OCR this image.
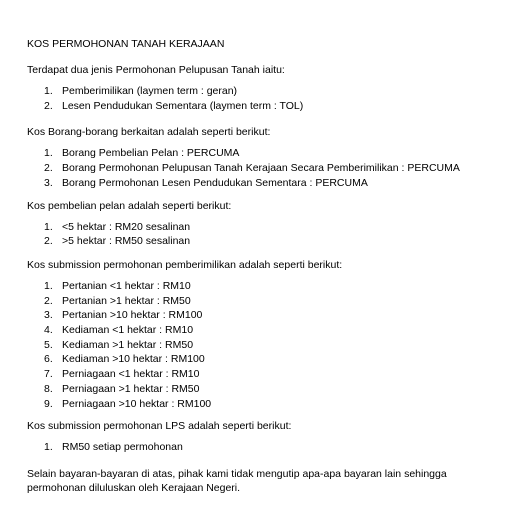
KOS PERMOHONAN TANAH KERAJAAN
Terdapat dua jenis Permohonan Pelupusan Tanah iaitu:
1. Pemberimilikan (laymen term : geran)
2. Lesen Pendudukan Sementara (laymen term : TOL)
Kos Borang-borang berkaitan adalah seperti berikut:
1. Borang Pembelian Pelan : PERCUMA
2. Borang Permohonan Pelupusan Tanah Kerajaan Secara Pemberimilikan : PERCUMA
3. Borang Permohonan Lesen Pendudukan Sementara : PERCUMA
Kos pembelian pelan adalah seperti berikut:
1. <5 hektar : RM20 sesalinan
2. >5 hektar : RM50 sesalinan
Kos submission permohonan pemberimilikan adalah seperti berikut:
1. Pertanian <1 hektar : RM10
2. Pertanian >1 hektar : RM50
3. Pertanian >10 hektar : RM100
4. Kediaman <1 hektar : RM10
5. Kediaman >1 hektar : RM50
6. Kediaman >10 hektar : RM100
7. Perniagaan <1 hektar : RM10
8. Perniagaan >1 hektar : RM50
9. Perniagaan >10 hektar : RM100
Kos submission permohonan LPS adalah seperti berikut:
1. RM50 setiap permohonan
Selain bayaran-bayaran di atas, pihak kami tidak mengutip apa-apa bayaran lain sehingga permohonan diluluskan oleh Kerajaan Negeri.
